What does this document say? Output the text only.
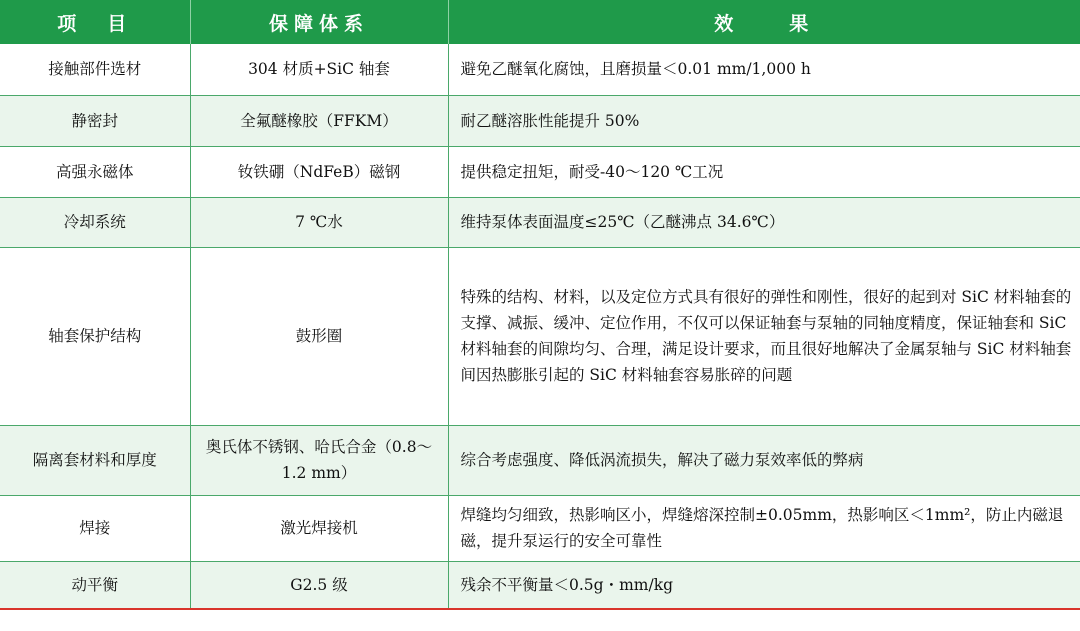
项　目	保障体系	效　　果
接触部件选材	304 材质+SiC 轴套	避免乙醚氧化腐蚀，且磨损量＜0.01 mm/1,000 h
静密封	全氟醚橡胶（FFKM）	耐乙醚溶胀性能提升 50%
高强永磁体	钕铁硼（NdFeB）磁钢	提供稳定扭矩，耐受-40～120 ℃工况
冷却系统	7 ℃水	维持泵体表面温度≤25℃（乙醚沸点 34.6℃）
轴套保护结构	鼓形圈	特殊的结构、材料，以及定位方式具有很好的弹性和刚性，很好的起到对 SiC 材料轴套的支撑、减振、缓冲、定位作用，不仅可以保证轴套与泵轴的同轴度精度，保证轴套和 SiC 材料轴套的间隙均匀、合理，满足设计要求，而且很好地解决了金属泵轴与 SiC 材料轴套间因热膨胀引起的 SiC 材料轴套容易胀碎的问题
隔离套材料和厚度	奥氏体不锈钢、哈氏合金（0.8～1.2 mm）	综合考虑强度、降低涡流损失，解决了磁力泵效率低的弊病
焊接	激光焊接机	焊缝均匀细致，热影响区小，焊缝熔深控制±0.05mm，热影响区＜1mm²，防止内磁退磁，提升泵运行的安全可靠性
动平衡	G2.5 级	残余不平衡量＜0.5g・mm/kg
